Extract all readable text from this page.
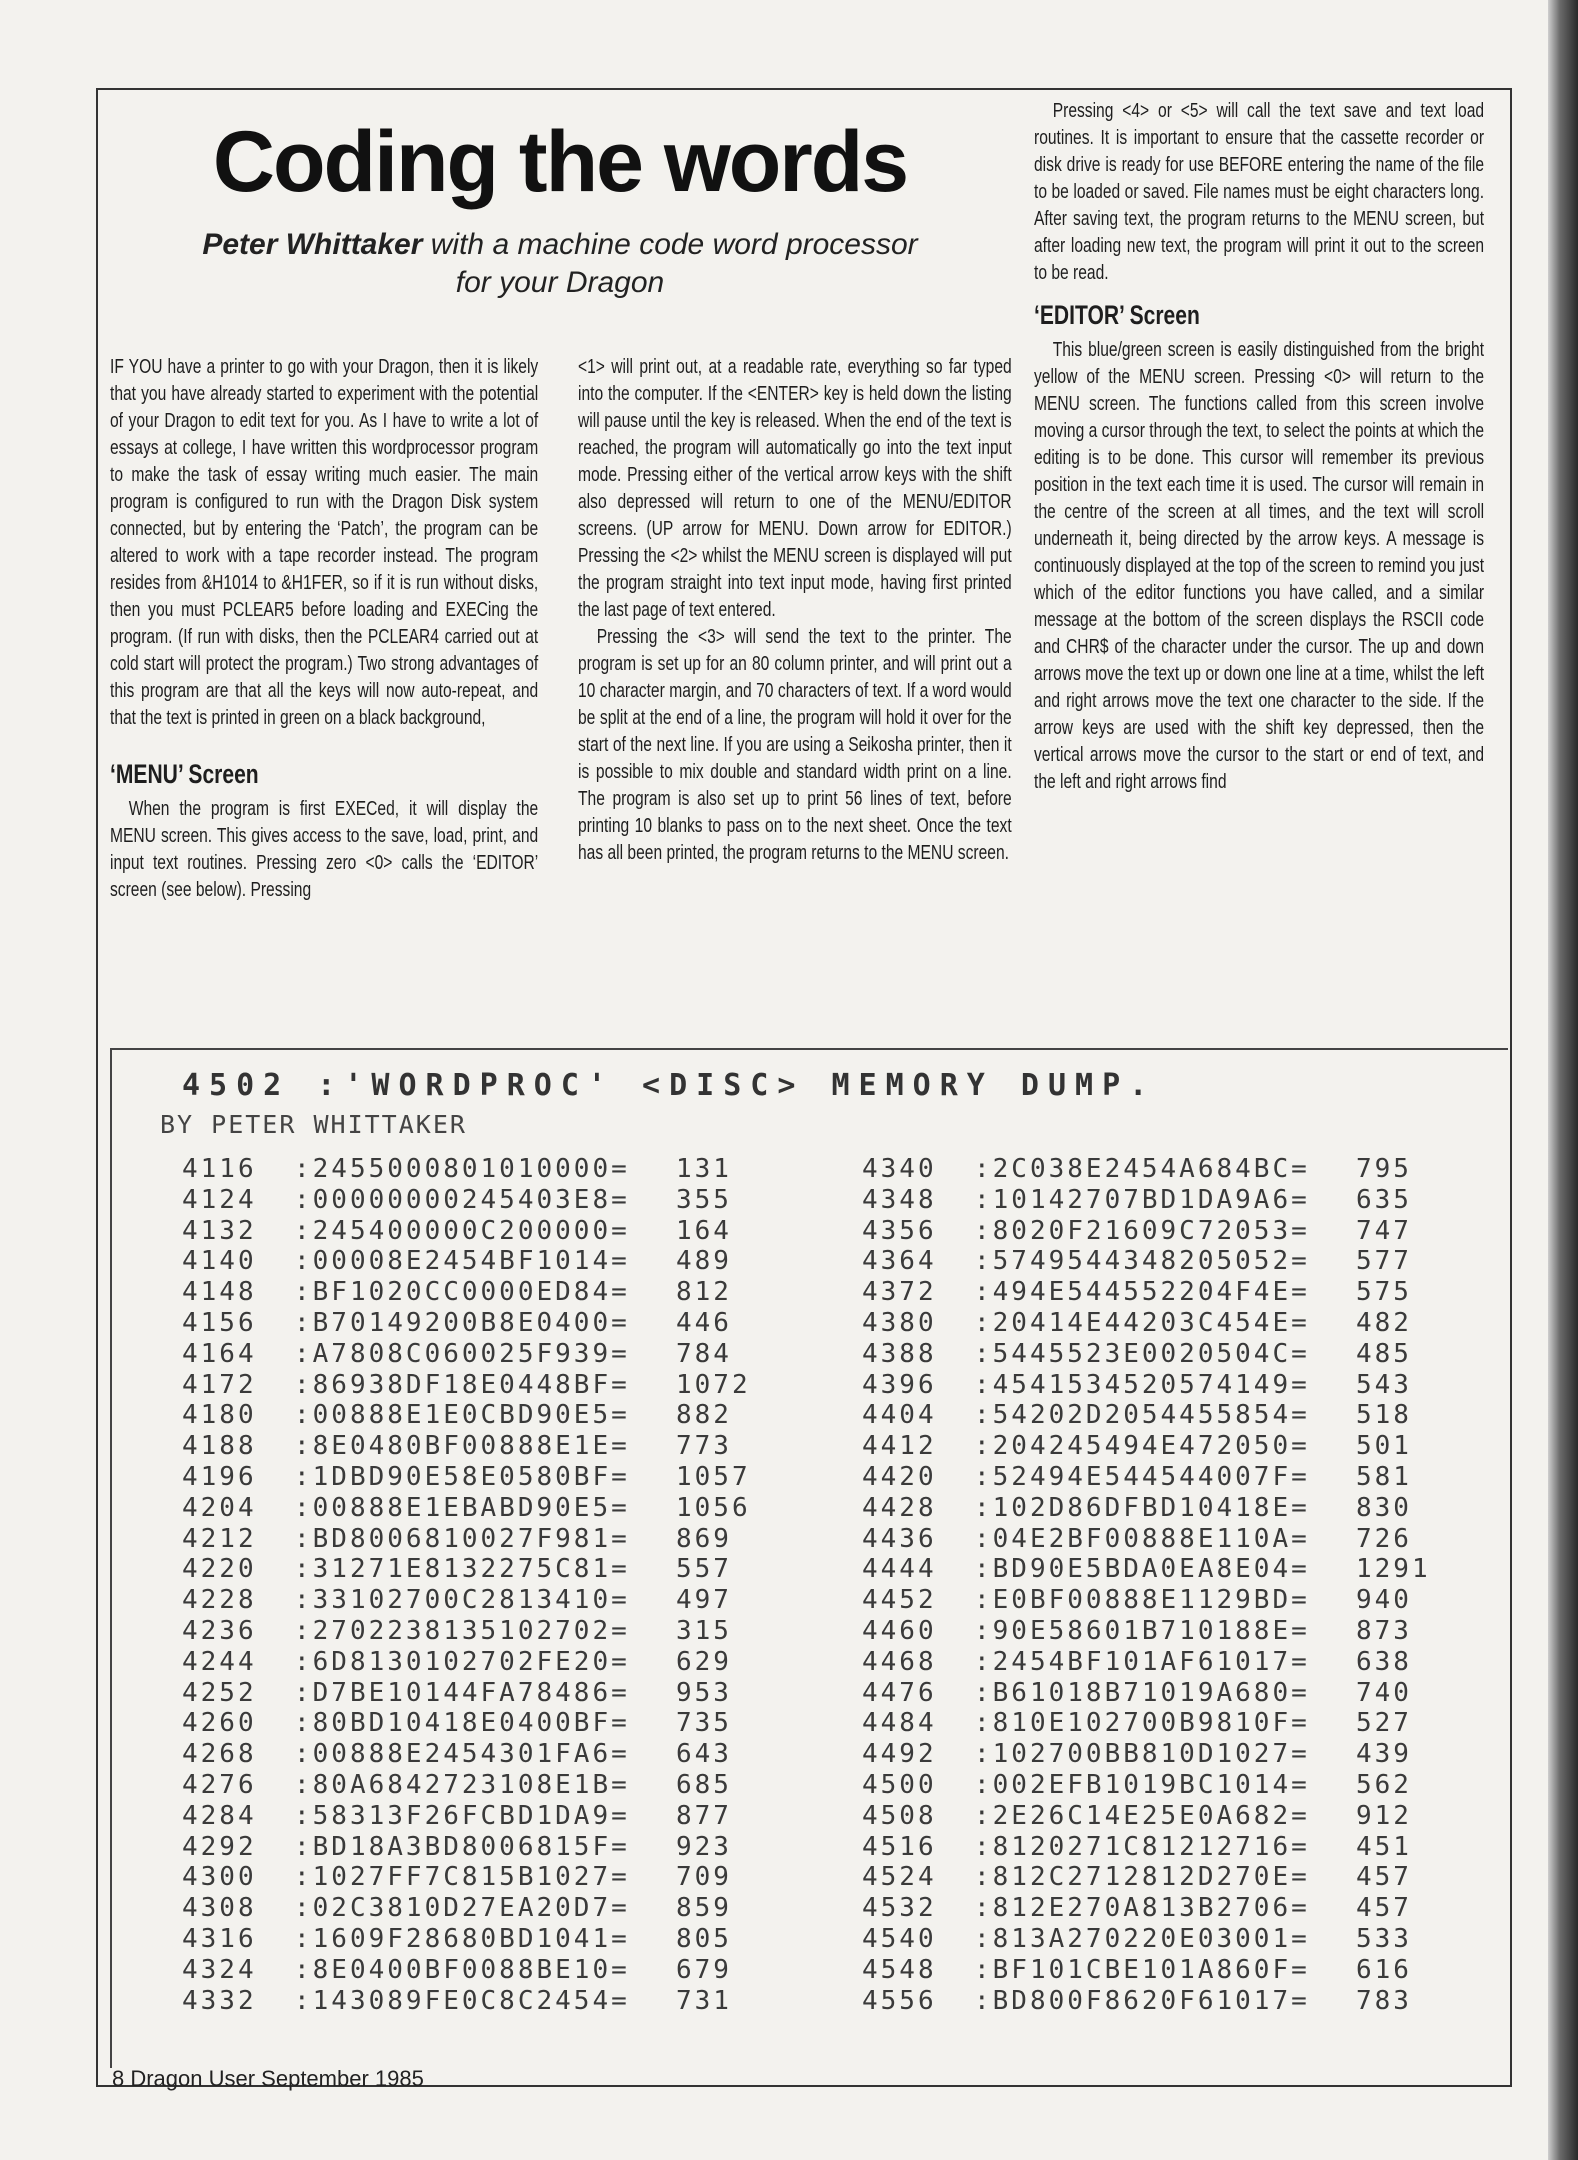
Coding the words
Peter Whittaker with a machine code word processor for your Dragon

IF YOU have a printer to go with your Dragon, then it is likely that you have already started to experiment with the potential of your Dragon to edit text for you. As I have to write a lot of essays at college, I have written this wordprocessor program to make the task of essay writing much easier. The main program is configured to run with the Dragon Disk system connected, but by entering the ‘Patch’, the program can be altered to work with a tape recorder instead. The program resides from &H1014 to &H1FER, so if it is run without disks, then you must PCLEAR5 before loading and EXECing the program. (If run with disks, then the PCLEAR4 carried out at cold start will protect the program.) Two strong advantages of this program are that all the keys will now auto-repeat, and that the text is printed in green on a black background,

‘MENU’ Screen

When the program is first EXECed, it will display the MENU screen. This gives access to the save, load, print, and input text routines. Pressing zero <0> calls the ‘EDITOR’ screen (see below). Pressing

<1> will print out, at a readable rate, everything so far typed into the computer. If the <ENTER> key is held down the listing will pause until the key is released. When the end of the text is reached, the program will automatically go into the text input mode. Pressing either of the vertical arrow keys with the shift also depressed will return to one of the MENU/EDITOR screens. (UP arrow for MENU. Down arrow for EDITOR.) Pressing the <2> whilst the MENU screen is displayed will put the program straight into text input mode, having first printed the last page of text entered.

Pressing the <3> will send the text to the printer. The program is set up for an 80 column printer, and will print out a 10 character margin, and 70 characters of text. If a word would be split at the end of a line, the program will hold it over for the start of the next line. If you are using a Seikosha printer, then it is possible to mix double and standard width print on a line. The program is also set up to print 56 lines of text, before printing 10 blanks to pass on to the next sheet. Once the text has all been printed, the program returns to the MENU screen.

Pressing <4> or <5> will call the text save and text load routines. It is important to ensure that the cassette recorder or disk drive is ready for use BEFORE entering the name of the file to be loaded or saved. File names must be eight characters long. After saving text, the program returns to the MENU screen, but after loading new text, the program will print it out to the screen to be read.

‘EDITOR’ Screen

This blue/green screen is easily distinguished from the bright yellow of the MENU screen. Pressing <0> will return to the MENU screen. The functions called from this screen involve moving a cursor through the text, to select the points at which the editing is to be done. This cursor will remember its previous position in the text each time it is used. The cursor will remain in the centre of the screen at all times, and the text will scroll underneath it, being directed by the arrow keys. A message is continuously displayed at the top of the screen to remind you just which of the editor functions you have called, and a similar message at the bottom of the screen displays the RSCII code and CHR$ of the character under the cursor. The up and down arrows move the text up or down one line at a time, whilst the left and right arrows move the text one character to the side. If the arrow keys are used with the shift key depressed, then the vertical arrows move the cursor to the start or end of text, and the left and right arrows find

4502 :'WORDPROC' <DISC> MEMORY DUMP.
BY PETER WHITTAKER
4116 :2455000801010000= 131
4124 :00000000245403E8= 355
4132 :245400000C200000= 164
4140 :00008E2454BF1014= 489
4148 :BF1020CC0000ED84= 812
4156 :B70149200B8E0400= 446
4164 :A7808C060025F939= 784
4172 :86938DF18E0448BF= 1072
4180 :00888E1E0CBD90E5= 882
4188 :8E0480BF00888E1E= 773
4196 :1DBD90E58E0580BF= 1057
4204 :00888E1EBABD90E5= 1056
4212 :BD8006810027F981= 869
4220 :31271E8132275C81= 557
4228 :33102700C2813410= 497
4236 :2702238135102702= 315
4244 :6D8130102702FE20= 629
4252 :D7BE10144FA78486= 953
4260 :80BD10418E0400BF= 735
4268 :00888E2454301FA6= 643
4276 :80A6842723108E1B= 685
4284 :58313F26FCBD1DA9= 877
4292 :BD18A3BD8006815F= 923
4300 :1027FF7C815B1027= 709
4308 :02C3810D27EA20D7= 859
4316 :1609F28680BD1041= 805
4324 :8E0400BF0088BE10= 679
4332 :143089FE0C8C2454= 731
4340 :2C038E2454A684BC= 795
4348 :10142707BD1DA9A6= 635
4356 :8020F21609C72053= 747
4364 :5749544348205052= 577
4372 :494E544552204F4E= 575
4380 :20414E44203C454E= 482
4388 :5445523E0020504C= 485
4396 :4541534520574149= 543
4404 :54202D2054455854= 518
4412 :204245494E472050= 501
4420 :52494E544544007F= 581
4428 :102D86DFBD10418E= 830
4436 :04E2BF00888E110A= 726
4444 :BD90E5BDA0EA8E04= 1291
4452 :E0BF00888E1129BD= 940
4460 :90E58601B710188E= 873
4468 :2454BF101AF61017= 638
4476 :B61018B71019A680= 740
4484 :810E102700B9810F= 527
4492 :102700BB810D1027= 439
4500 :002EFB1019BC1014= 562
4508 :2E26C14E25E0A682= 912
4516 :8120271C81212716= 451
4524 :812C2712812D270E= 457
4532 :812E270A813B2706= 457
4540 :813A270220E03001= 533
4548 :BF101CBE101A860F= 616
4556 :BD800F8620F61017= 783
8 Dragon User September 1985
